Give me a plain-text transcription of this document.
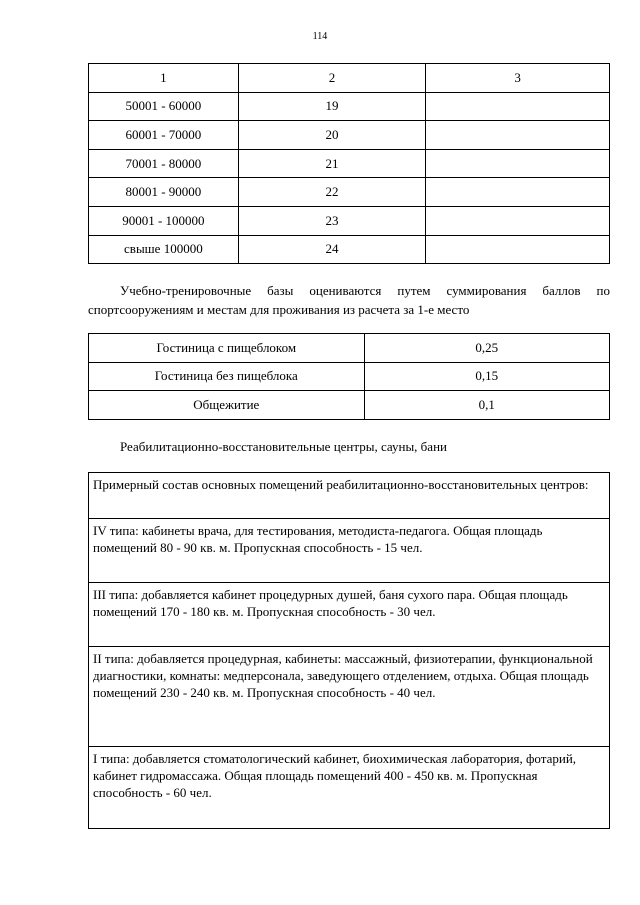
114
1	2	3
50001 - 60000	19	
60001 - 70000	20	
70001 - 80000	21	
80001 - 90000	22	
90001 - 100000	23	
свыше 100000	24	
Учебно-тренировочные базы оцениваются путем суммирования баллов по спортсооружениям и местам для проживания из расчета за 1-е место
Гостиница с пищеблоком	0,25
Гостиница без пищеблока	0,15
Общежитие	0,1
Реабилитационно-восстановительные центры, сауны, бани
Примерный состав основных помещений реабилитационно-восстановительных центров:
IV типа: кабинеты врача, для тестирования, методиста-педагога. Общая площадь помещений 80 - 90 кв. м. Пропускная способность - 15 чел.
III типа: добавляется кабинет процедурных душей, баня сухого пара. Общая площадь помещений 170 - 180 кв. м. Пропускная способность - 30 чел.
II типа: добавляется процедурная, кабинеты: массажный, физиотерапии, функциональной диагностики, комнаты: медперсонала, заведующего отделением, отдыха. Общая площадь помещений 230 - 240 кв. м. Пропускная способность - 40 чел.
I типа: добавляется стоматологический кабинет, биохимическая лаборатория, фотарий, кабинет гидромассажа. Общая площадь помещений 400 - 450 кв. м. Пропускная способность - 60 чел.
